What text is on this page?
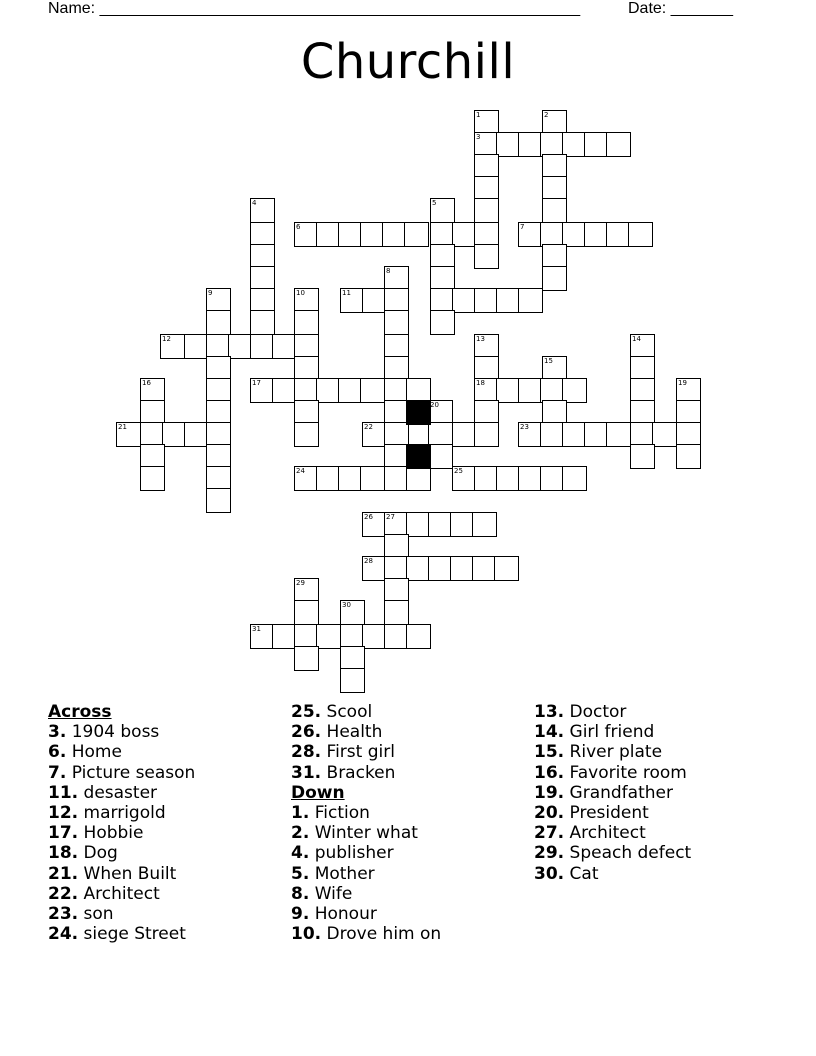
Name: ______________________________________________________	Date: _______
Churchill
1	2
3
4	5
6	7
8
9	10	11
12	13	14
15
16	17	18	19
20
21	22	23
24	25
26 27
28
29
30
31
Across
3. 1904 boss
6. Home
7. Picture season
11. desaster
12. marrigold
17. Hobbie
18. Dog
21. When Built
22. Architect
23. son
24. siege Street
25. Scool
26. Health
28. First girl
31. Bracken
Down
1. Fiction
2. Winter what
4. publisher
5. Mother
8. Wife
9. Honour
10. Drove him on
13. Doctor
14. Girl friend
15. River plate
16. Favorite room
19. Grandfather
20. President
27. Architect
29. Speach defect
30. Cat
